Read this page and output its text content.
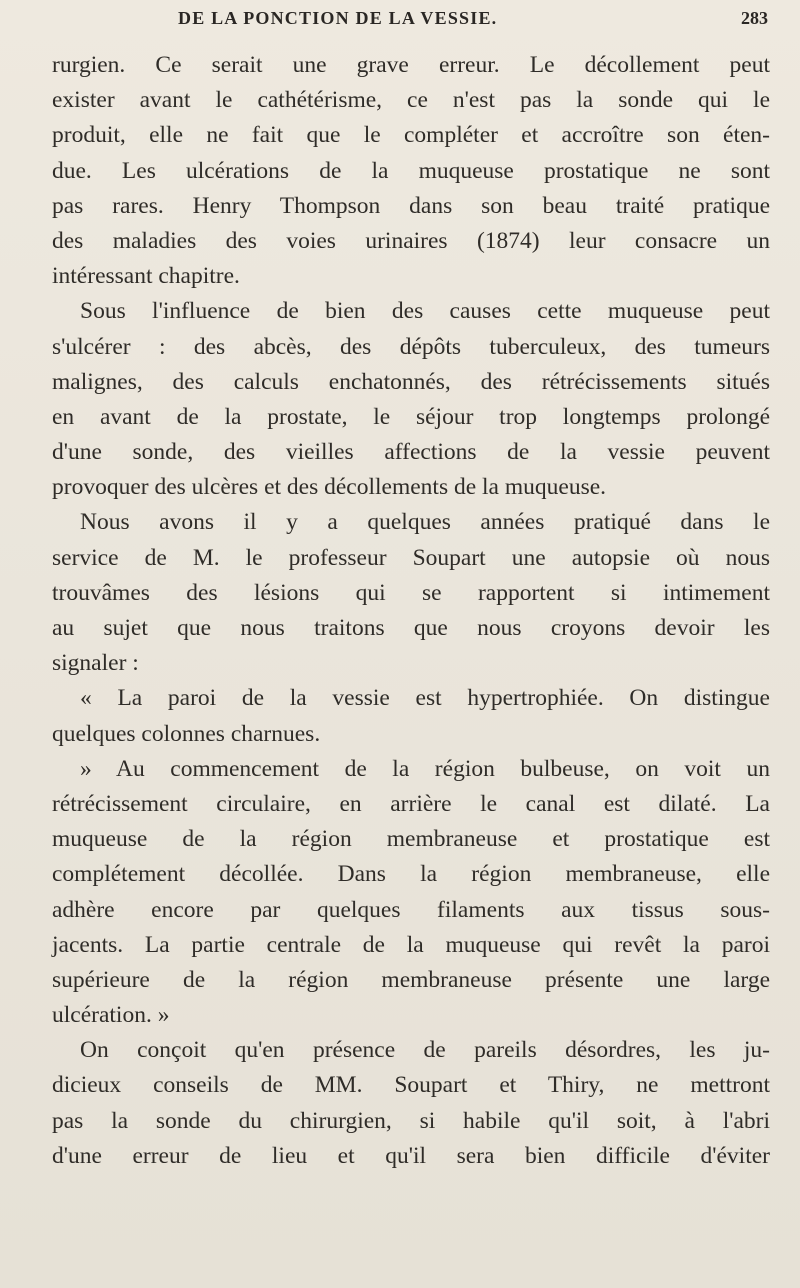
DE LA PONCTION DE LA VESSIE.	283
rurgien. Ce serait une grave erreur. Le décollement peut
exister avant le cathétérisme, ce n'est pas la sonde qui le
produit, elle ne fait que le compléter et accroître son éten-
due. Les ulcérations de la muqueuse prostatique ne sont
pas rares. Henry Thompson dans son beau traité pratique
des maladies des voies urinaires (1874) leur consacre un
intéressant chapitre.
Sous l'influence de bien des causes cette muqueuse peut
s'ulcérer : des abcès, des dépôts tuberculeux, des tumeurs
malignes, des calculs enchatonnés, des rétrécissements situés
en avant de la prostate, le séjour trop longtemps prolongé
d'une sonde, des vieilles affections de la vessie peuvent
provoquer des ulcères et des décollements de la muqueuse.
Nous avons il y a quelques années pratiqué dans le
service de M. le professeur Soupart une autopsie où nous
trouvâmes des lésions qui se rapportent si intimement
au sujet que nous traitons que nous croyons devoir les
signaler :
« La paroi de la vessie est hypertrophiée. On distingue
quelques colonnes charnues.
» Au commencement de la région bulbeuse, on voit un
rétrécissement circulaire, en arrière le canal est dilaté. La
muqueuse de la région membraneuse et prostatique est
complétement décollée. Dans la région membraneuse, elle
adhère encore par quelques filaments aux tissus sous-
jacents. La partie centrale de la muqueuse qui revêt la paroi
supérieure de la région membraneuse présente une large
ulcération. »
On conçoit qu'en présence de pareils désordres, les ju-
dicieux conseils de MM. Soupart et Thiry, ne mettront
pas la sonde du chirurgien, si habile qu'il soit, à l'abri
d'une erreur de lieu et qu'il sera bien difficile d'éviter
